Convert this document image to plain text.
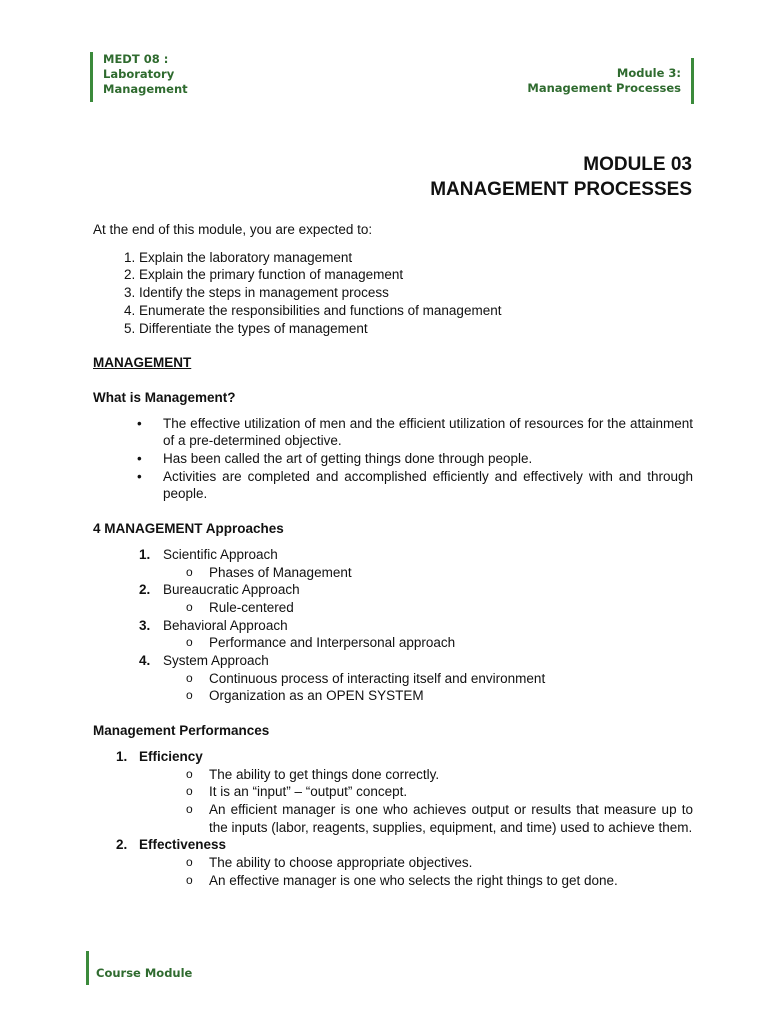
MEDT 08 :
Laboratory
Management
Module 3:
Management Processes
MODULE 03
MANAGEMENT PROCESSES

At the end of this module, you are expected to:

1. Explain the laboratory management
2. Explain the primary function of management
3. Identify the steps in management process
4. Enumerate the responsibilities and functions of management
5. Differentiate the types of management
MANAGEMENT
What is Management?
• The effective utilization of men and the efficient utilization of resources for the attainment of a pre-determined objective.
• Has been called the art of getting things done through people.
• Activities are completed and accomplished efficiently and effectively with and through people.
4 MANAGEMENT Approaches
1. Scientific Approach
o Phases of Management
2. Bureaucratic Approach
o Rule-centered
3. Behavioral Approach
o Performance and Interpersonal approach
4. System Approach
o Continuous process of interacting itself and environment
o Organization as an OPEN SYSTEM
Management Performances
1. Efficiency
o The ability to get things done correctly.
o It is an “input” – “output” concept.
o An efficient manager is one who achieves output or results that measure up to the inputs (labor, reagents, supplies, equipment, and time) used to achieve them.
2. Effectiveness
o The ability to choose appropriate objectives.
o An effective manager is one who selects the right things to get done.
Course Module
